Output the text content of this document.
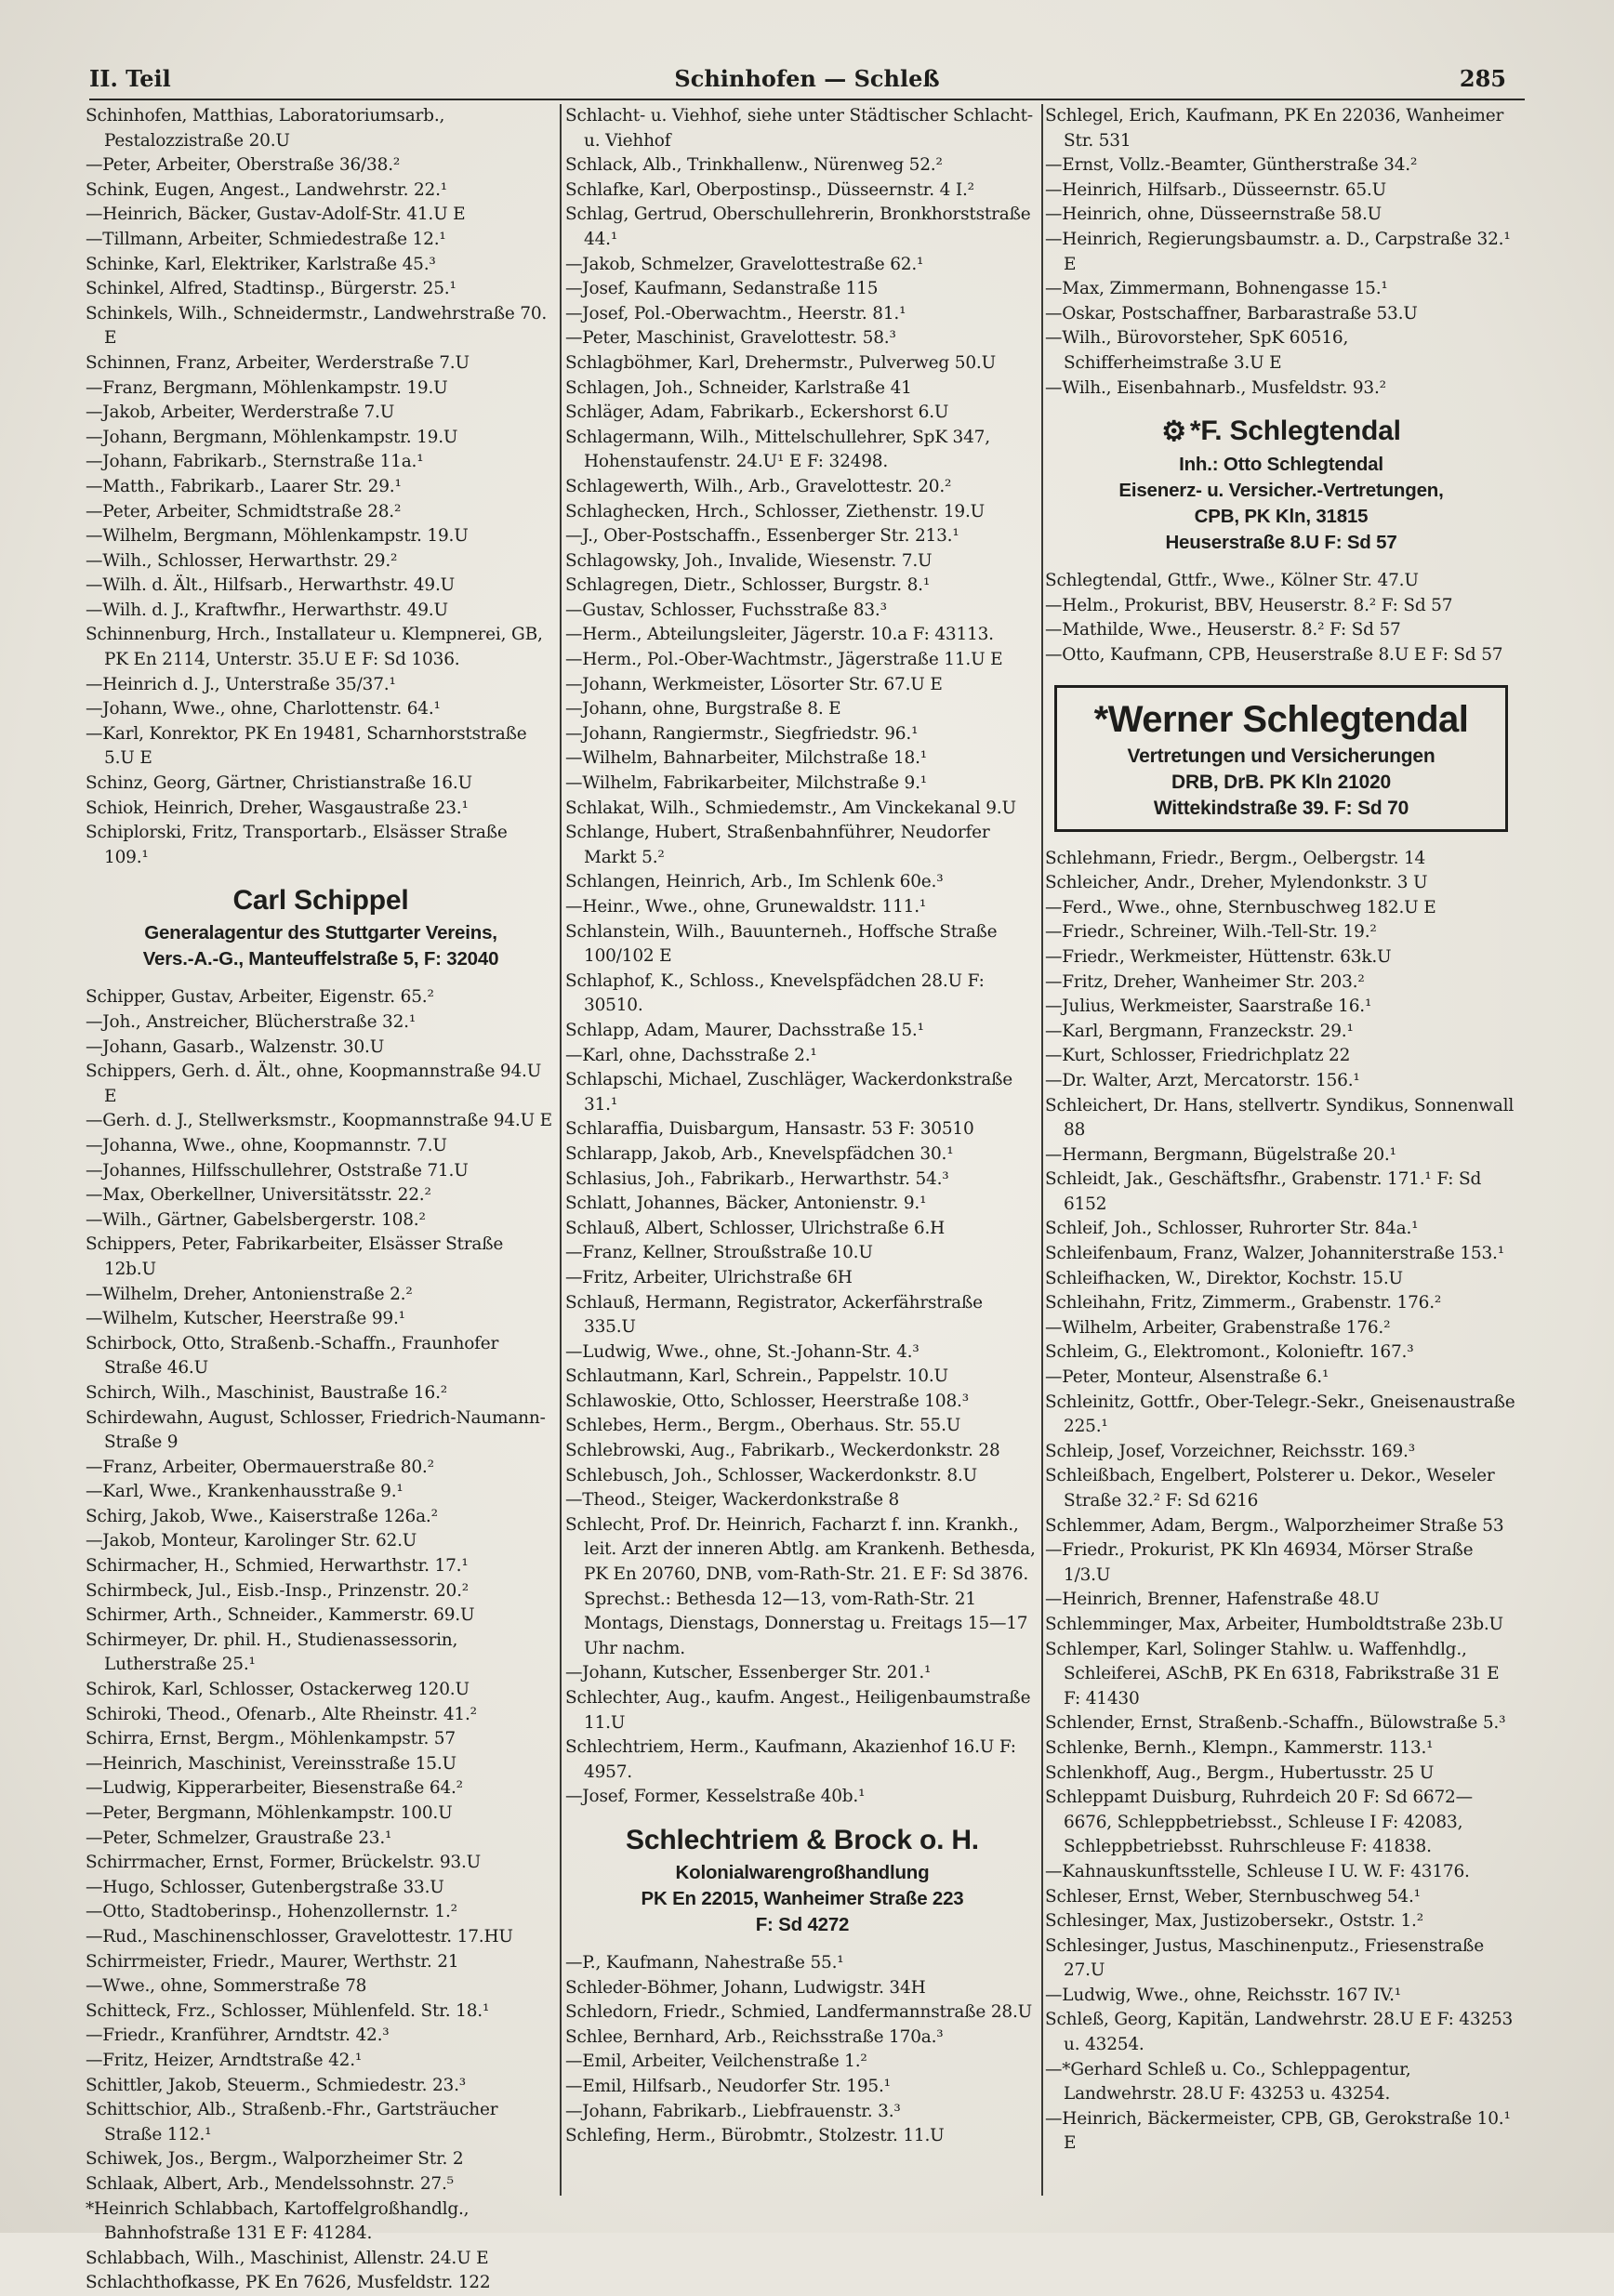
II. Teil	Schinhofen — Schleß	285

Schinhofen, Matthias, Laboratoriumsarb., Pestalozzistraße 20.U

—Peter, Arbeiter, Oberstraße 36/38.²

Schink, Eugen, Angest., Landwehrstr. 22.¹

—Heinrich, Bäcker, Gustav-Adolf-Str. 41.U E

—Tillmann, Arbeiter, Schmiedestraße 12.¹

Schinke, Karl, Elektriker, Karlstraße 45.³

Schinkel, Alfred, Stadtinsp., Bürgerstr. 25.¹

Schinkels, Wilh., Schneidermstr., Landwehrstraße 70. E

Schinnen, Franz, Arbeiter, Werderstraße 7.U

—Franz, Bergmann, Möhlenkampstr. 19.U

—Jakob, Arbeiter, Werderstraße 7.U

—Johann, Bergmann, Möhlenkampstr. 19.U

—Johann, Fabrikarb., Sternstraße 11a.¹

—Matth., Fabrikarb., Laarer Str. 29.¹

—Peter, Arbeiter, Schmidtstraße 28.²

—Wilhelm, Bergmann, Möhlenkampstr. 19.U

—Wilh., Schlosser, Herwarthstr. 29.²

—Wilh. d. Ält., Hilfsarb., Herwarthstr. 49.U

—Wilh. d. J., Kraftwfhr., Herwarthstr. 49.U

Schinnenburg, Hrch., Installateur u. Klempnerei, GB, PK En 2114, Unterstr. 35.U E F: Sd 1036.

—Heinrich d. J., Unterstraße 35/37.¹

—Johann, Wwe., ohne, Charlottenstr. 64.¹

—Karl, Konrektor, PK En 19481, Scharnhorststraße 5.U E

Schinz, Georg, Gärtner, Christianstraße 16.U

Schiok, Heinrich, Dreher, Wasgaustraße 23.¹

Schiplorski, Fritz, Transportarb., Elsässer Straße 109.¹

Carl Schippel
Generalagentur des Stuttgarter Vereins,
Vers.-A.-G., Manteuffelstraße 5, F: 32040

Schipper, Gustav, Arbeiter, Eigenstr. 65.²

—Joh., Anstreicher, Blücherstraße 32.¹

—Johann, Gasarb., Walzenstr. 30.U

Schippers, Gerh. d. Ält., ohne, Koopmannstraße 94.U E

—Gerh. d. J., Stellwerksmstr., Koopmannstraße 94.U E

—Johanna, Wwe., ohne, Koopmannstr. 7.U

—Johannes, Hilfsschullehrer, Oststraße 71.U

—Max, Oberkellner, Universitätsstr. 22.²

—Wilh., Gärtner, Gabelsbergerstr. 108.²

Schippers, Peter, Fabrikarbeiter, Elsässer Straße 12b.U

—Wilhelm, Dreher, Antonienstraße 2.²

—Wilhelm, Kutscher, Heerstraße 99.¹

Schirbock, Otto, Straßenb.-Schaffn., Fraunhofer Straße 46.U

Schirch, Wilh., Maschinist, Baustraße 16.²

Schirdewahn, August, Schlosser, Friedrich-Naumann-Straße 9

—Franz, Arbeiter, Obermauerstraße 80.²

—Karl, Wwe., Krankenhausstraße 9.¹

Schirg, Jakob, Wwe., Kaiserstraße 126a.²

—Jakob, Monteur, Karolinger Str. 62.U

Schirmacher, H., Schmied, Herwarthstr. 17.¹

Schirmbeck, Jul., Eisb.-Insp., Prinzenstr. 20.²

Schirmer, Arth., Schneider., Kammerstr. 69.U

Schirmeyer, Dr. phil. H., Studienassessorin, Lutherstraße 25.¹

Schirok, Karl, Schlosser, Ostackerweg 120.U

Schiroki, Theod., Ofenarb., Alte Rheinstr. 41.²

Schirra, Ernst, Bergm., Möhlenkampstr. 57

—Heinrich, Maschinist, Vereinsstraße 15.U

—Ludwig, Kipperarbeiter, Biesenstraße 64.²

—Peter, Bergmann, Möhlenkampstr. 100.U

—Peter, Schmelzer, Graustraße 23.¹

Schirrmacher, Ernst, Former, Brückelstr. 93.U

—Hugo, Schlosser, Gutenbergstraße 33.U

—Otto, Stadtoberinsp., Hohenzollernstr. 1.²

—Rud., Maschinenschlosser, Gravelottestr. 17.HU

Schirrmeister, Friedr., Maurer, Werthstr. 21

—Wwe., ohne, Sommerstraße 78

Schitteck, Frz., Schlosser, Mühlenfeld. Str. 18.¹

—Friedr., Kranführer, Arndtstr. 42.³

—Fritz, Heizer, Arndtstraße 42.¹

Schittler, Jakob, Steuerm., Schmiedestr. 23.³

Schittschior, Alb., Straßenb.-Fhr., Gartsträucher Straße 112.¹

Schiwek, Jos., Bergm., Walporzheimer Str. 2

Schlaak, Albert, Arb., Mendelssohnstr. 27.⁵

*Heinrich Schlabbach, Kartoffelgroßhandlg., Bahnhofstraße 131 E F: 41284.

Schlabbach, Wilh., Maschinist, Allenstr. 24.U E

Schlachthofkasse, PK En 7626, Musfeldstr. 122

Schlacht- u. Viehhof, siehe unter Städtischer Schlacht- u. Viehhof

Schlack, Alb., Trinkhallenw., Nürenweg 52.²

Schlafke, Karl, Oberpostinsp., Düsseernstr. 4 I.²

Schlag, Gertrud, Oberschullehrerin, Bronkhorststraße 44.¹

—Jakob, Schmelzer, Gravelottestraße 62.¹

—Josef, Kaufmann, Sedanstraße 115

—Josef, Pol.-Oberwachtm., Heerstr. 81.¹

—Peter, Maschinist, Gravelottestr. 58.³

Schlagböhmer, Karl, Drehermstr., Pulverweg 50.U

Schlagen, Joh., Schneider, Karlstraße 41

Schläger, Adam, Fabrikarb., Eckershorst 6.U

Schlagermann, Wilh., Mittelschullehrer, SpK 347, Hohenstaufenstr. 24.U¹ E F: 32498.

Schlagewerth, Wilh., Arb., Gravelottestr. 20.²

Schlaghecken, Hrch., Schlosser, Ziethenstr. 19.U

—J., Ober-Postschaffn., Essenberger Str. 213.¹

Schlagowsky, Joh., Invalide, Wiesenstr. 7.U

Schlagregen, Dietr., Schlosser, Burgstr. 8.¹

—Gustav, Schlosser, Fuchsstraße 83.³

—Herm., Abteilungsleiter, Jägerstr. 10.a F: 43113.

—Herm., Pol.-Ober-Wachtmstr., Jägerstraße 11.U E

—Johann, Werkmeister, Lösorter Str. 67.U E

—Johann, ohne, Burgstraße 8. E

—Johann, Rangiermstr., Siegfriedstr. 96.¹

—Wilhelm, Bahnarbeiter, Milchstraße 18.¹

—Wilhelm, Fabrikarbeiter, Milchstraße 9.¹

Schlakat, Wilh., Schmiedemstr., Am Vinckekanal 9.U

Schlange, Hubert, Straßenbahnführer, Neudorfer Markt 5.²

Schlangen, Heinrich, Arb., Im Schlenk 60e.³

—Heinr., Wwe., ohne, Grunewaldstr. 111.¹

Schlanstein, Wilh., Bauunterneh., Hoffsche Straße 100/102 E

Schlaphof, K., Schloss., Knevelspfädchen 28.U F: 30510.

Schlapp, Adam, Maurer, Dachsstraße 15.¹

—Karl, ohne, Dachsstraße 2.¹

Schlapschi, Michael, Zuschläger, Wackerdonkstraße 31.¹

Schlaraffia, Duisbargum, Hansastr. 53 F: 30510

Schlarapp, Jakob, Arb., Knevelspfädchen 30.¹

Schlasius, Joh., Fabrikarb., Herwarthstr. 54.³

Schlatt, Johannes, Bäcker, Antonienstr. 9.¹

Schlauß, Albert, Schlosser, Ulrichstraße 6.H

—Franz, Kellner, Stroußstraße 10.U

—Fritz, Arbeiter, Ulrichstraße 6H

Schlauß, Hermann, Registrator, Ackerfährstraße 335.U

—Ludwig, Wwe., ohne, St.-Johann-Str. 4.³

Schlautmann, Karl, Schrein., Pappelstr. 10.U

Schlawoskie, Otto, Schlosser, Heerstraße 108.³

Schlebes, Herm., Bergm., Oberhaus. Str. 55.U

Schlebrowski, Aug., Fabrikarb., Weckerdonkstr. 28

Schlebusch, Joh., Schlosser, Wackerdonkstr. 8.U

—Theod., Steiger, Wackerdonkstraße 8

Schlecht, Prof. Dr. Heinrich, Facharzt f. inn. Krankh., leit. Arzt der inneren Abtlg. am Krankenh. Bethesda, PK En 20760, DNB, vom-Rath-Str. 21. E F: Sd 3876. Sprechst.: Bethesda 12—13, vom-Rath-Str. 21 Montags, Dienstags, Donnerstag u. Freitags 15—17 Uhr nachm.

—Johann, Kutscher, Essenberger Str. 201.¹

Schlechter, Aug., kaufm. Angest., Heiligenbaumstraße 11.U

Schlechtriem, Herm., Kaufmann, Akazienhof 16.U F: 4957.

—Josef, Former, Kesselstraße 40b.¹

Schlechtriem & Brock o. H.
Kolonialwarengroßhandlung
PK En 22015, Wanheimer Straße 223
F: Sd 4272

—P., Kaufmann, Nahestraße 55.¹

Schleder-Böhmer, Johann, Ludwigstr. 34H

Schledorn, Friedr., Schmied, Landfermannstraße 28.U

Schlee, Bernhard, Arb., Reichsstraße 170a.³

—Emil, Arbeiter, Veilchenstraße 1.²

—Emil, Hilfsarb., Neudorfer Str. 195.¹

—Johann, Fabrikarb., Liebfrauenstr. 3.³

Schlefing, Herm., Bürobmtr., Stolzestr. 11.U

Schlegel, Erich, Kaufmann, PK En 22036, Wanheimer Str. 531

—Ernst, Vollz.-Beamter, Güntherstraße 34.²

—Heinrich, Hilfsarb., Düsseernstr. 65.U

—Heinrich, ohne, Düsseernstraße 58.U

—Heinrich, Regierungsbaumstr. a. D., Carpstraße 32.¹ E

—Max, Zimmermann, Bohnengasse 15.¹

—Oskar, Postschaffner, Barbarastraße 53.U

—Wilh., Bürovorsteher, SpK 60516, Schifferheimstraße 3.U E

—Wilh., Eisenbahnarb., Musfeldstr. 93.²

⚙ *F. Schlegtendal
Inh.: Otto Schlegtendal
Eisenerz- u. Versicher.-Vertretungen,
CPB, PK Kln, 31815
Heuserstraße 8.U F: Sd 57

Schlegtendal, Gttfr., Wwe., Kölner Str. 47.U

—Helm., Prokurist, BBV, Heuserstr. 8.² F: Sd 57

—Mathilde, Wwe., Heuserstr. 8.² F: Sd 57

—Otto, Kaufmann, CPB, Heuserstraße 8.U E F: Sd 57

*Werner Schlegtendal
Vertretungen und Versicherungen
DRB, DrB. PK Kln 21020
Wittekindstraße 39. F: Sd 70

Schlehmann, Friedr., Bergm., Oelbergstr. 14

Schleicher, Andr., Dreher, Mylendonkstr. 3 U

—Ferd., Wwe., ohne, Sternbuschweg 182.U E

—Friedr., Schreiner, Wilh.-Tell-Str. 19.²

—Friedr., Werkmeister, Hüttenstr. 63k.U

—Fritz, Dreher, Wanheimer Str. 203.²

—Julius, Werkmeister, Saarstraße 16.¹

—Karl, Bergmann, Franzeckstr. 29.¹

—Kurt, Schlosser, Friedrichplatz 22

—Dr. Walter, Arzt, Mercatorstr. 156.¹

Schleichert, Dr. Hans, stellvertr. Syndikus, Sonnenwall 88

—Hermann, Bergmann, Bügelstraße 20.¹

Schleidt, Jak., Geschäftsfhr., Grabenstr. 171.¹ F: Sd 6152

Schleif, Joh., Schlosser, Ruhrorter Str. 84a.¹

Schleifenbaum, Franz, Walzer, Johanniterstraße 153.¹

Schleifhacken, W., Direktor, Kochstr. 15.U

Schleihahn, Fritz, Zimmerm., Grabenstr. 176.²

—Wilhelm, Arbeiter, Grabenstraße 176.²

Schleim, G., Elektromont., Kolonieftr. 167.³

—Peter, Monteur, Alsenstraße 6.¹

Schleinitz, Gottfr., Ober-Telegr.-Sekr., Gneisenaustraße 225.¹

Schleip, Josef, Vorzeichner, Reichsstr. 169.³

Schleißbach, Engelbert, Polsterer u. Dekor., Weseler Straße 32.² F: Sd 6216

Schlemmer, Adam, Bergm., Walporzheimer Straße 53

—Friedr., Prokurist, PK Kln 46934, Mörser Straße 1/3.U

—Heinrich, Brenner, Hafenstraße 48.U

Schlemminger, Max, Arbeiter, Humboldtstraße 23b.U

Schlemper, Karl, Solinger Stahlw. u. Waffenhdlg., Schleiferei, ASchB, PK En 6318, Fabrikstraße 31 E F: 41430

Schlender, Ernst, Straßenb.-Schaffn., Bülowstraße 5.³

Schlenke, Bernh., Klempn., Kammerstr. 113.¹

Schlenkhoff, Aug., Bergm., Hubertusstr. 25 U

Schleppamt Duisburg, Ruhrdeich 20 F: Sd 6672—6676, Schleppbetriebsst., Schleuse I F: 42083, Schleppbetriebsst. Ruhrschleuse F: 41838.

—Kahnauskunftsstelle, Schleuse I U. W. F: 43176.

Schleser, Ernst, Weber, Sternbuschweg 54.¹

Schlesinger, Max, Justizobersekr., Oststr. 1.²

Schlesinger, Justus, Maschinenputz., Friesenstraße 27.U

—Ludwig, Wwe., ohne, Reichsstr. 167 IV.¹

Schleß, Georg, Kapitän, Landwehrstr. 28.U E F: 43253 u. 43254.

—*Gerhard Schleß u. Co., Schleppagentur, Landwehrstr. 28.U F: 43253 u. 43254.

—Heinrich, Bäckermeister, CPB, GB, Gerokstraße 10.¹ E
